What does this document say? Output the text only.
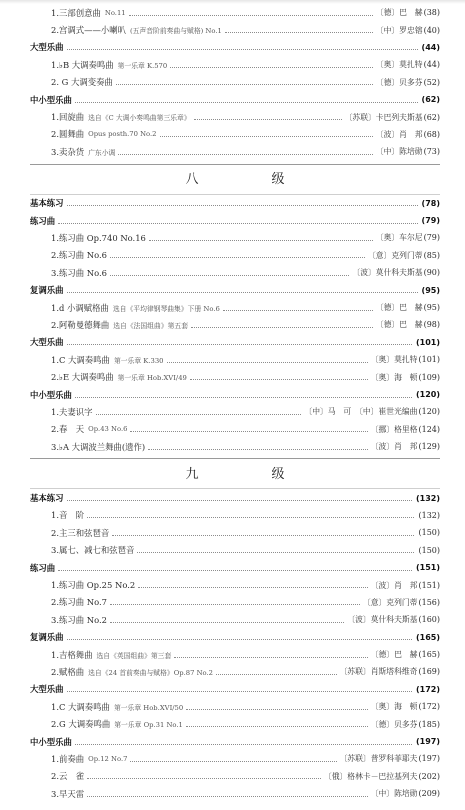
1.三部创意曲 No.11	〔德〕巴　赫 (38)
2.宫调式——小喇叭 (五声音阶前奏曲与赋格) No.1	〔中〕罗忠镕 (40)
大型乐曲	(44)
1.♭B 大调奏鸣曲 第一乐章 K.570	〔奥〕莫扎特 (44)
2. G 大调变奏曲	〔德〕贝多芬 (52)
中小型乐曲	(62)
1.回旋曲 选自《C 大调小奏鸣曲第三乐章》	〔苏联〕卡巴列夫斯基 (62)
2.圆舞曲 Opus posth.70 No.2	〔波〕肖　邦 (68)
3.卖杂货 广东小调	〔中〕陈培勋 (73)
八　级
基本练习	(78)
练习曲	(79)
1.练习曲 Op.740 No.16	〔奥〕车尔尼 (79)
2.练习曲 No.6	〔意〕克列门蒂 (85)
3.练习曲 No.6	〔波〕莫什科夫斯基 (90)
复调乐曲	(95)
1.d 小调赋格曲 选自《平均律钢琴曲集》下册 No.6	〔德〕巴　赫 (95)
2.阿勒曼德舞曲 选自《法国组曲》第五套	〔德〕巴　赫 (98)
大型乐曲	(101)
1.C 大调奏鸣曲 第一乐章 K.330	〔奥〕莫扎特 (101)
2.♭E 大调奏鸣曲 第一乐章 Hob.XVI/49	〔奥〕海　顿 (109)
中小型乐曲	(120)
1.夫妻识字	〔中〕马　可　〔中〕崔世光编曲 (120)
2.春　天 Op.43 No.6	〔挪〕格里格 (124)
3.♭A 大调波兰舞曲(遗作)	〔波〕肖　邦 (129)
九　级
基本练习	(132)
1.音　阶	(132)
2.主三和弦琶音	(150)
3.属七、减七和弦琶音	(150)
练习曲	(151)
1.练习曲 Op.25 No.2	〔波〕肖　邦 (151)
2.练习曲 No.7	〔意〕克列门蒂 (156)
3.练习曲 No.2	〔波〕莫什科夫斯基 (160)
复调乐曲	(165)
1.吉格舞曲 选自《英国组曲》第三套	〔德〕巴　赫 (165)
2.赋格曲 选自《24 首前奏曲与赋格》Op.87 No.2	〔苏联〕肖斯塔科维奇 (169)
大型乐曲	(172)
1.C 大调奏鸣曲 第一乐章 Hob.XVI/50	〔奥〕海　顿 (172)
2.G 大调奏鸣曲 第一乐章 Op.31 No.1	〔德〕贝多芬 (185)
中小型乐曲	(197)
1.前奏曲 Op.12 No.7	〔苏联〕普罗科菲耶夫 (197)
2.云　雀	〔俄〕格林卡－巴拉基列夫 (202)
3.早天雷	〔中〕陈培勋 (209)
